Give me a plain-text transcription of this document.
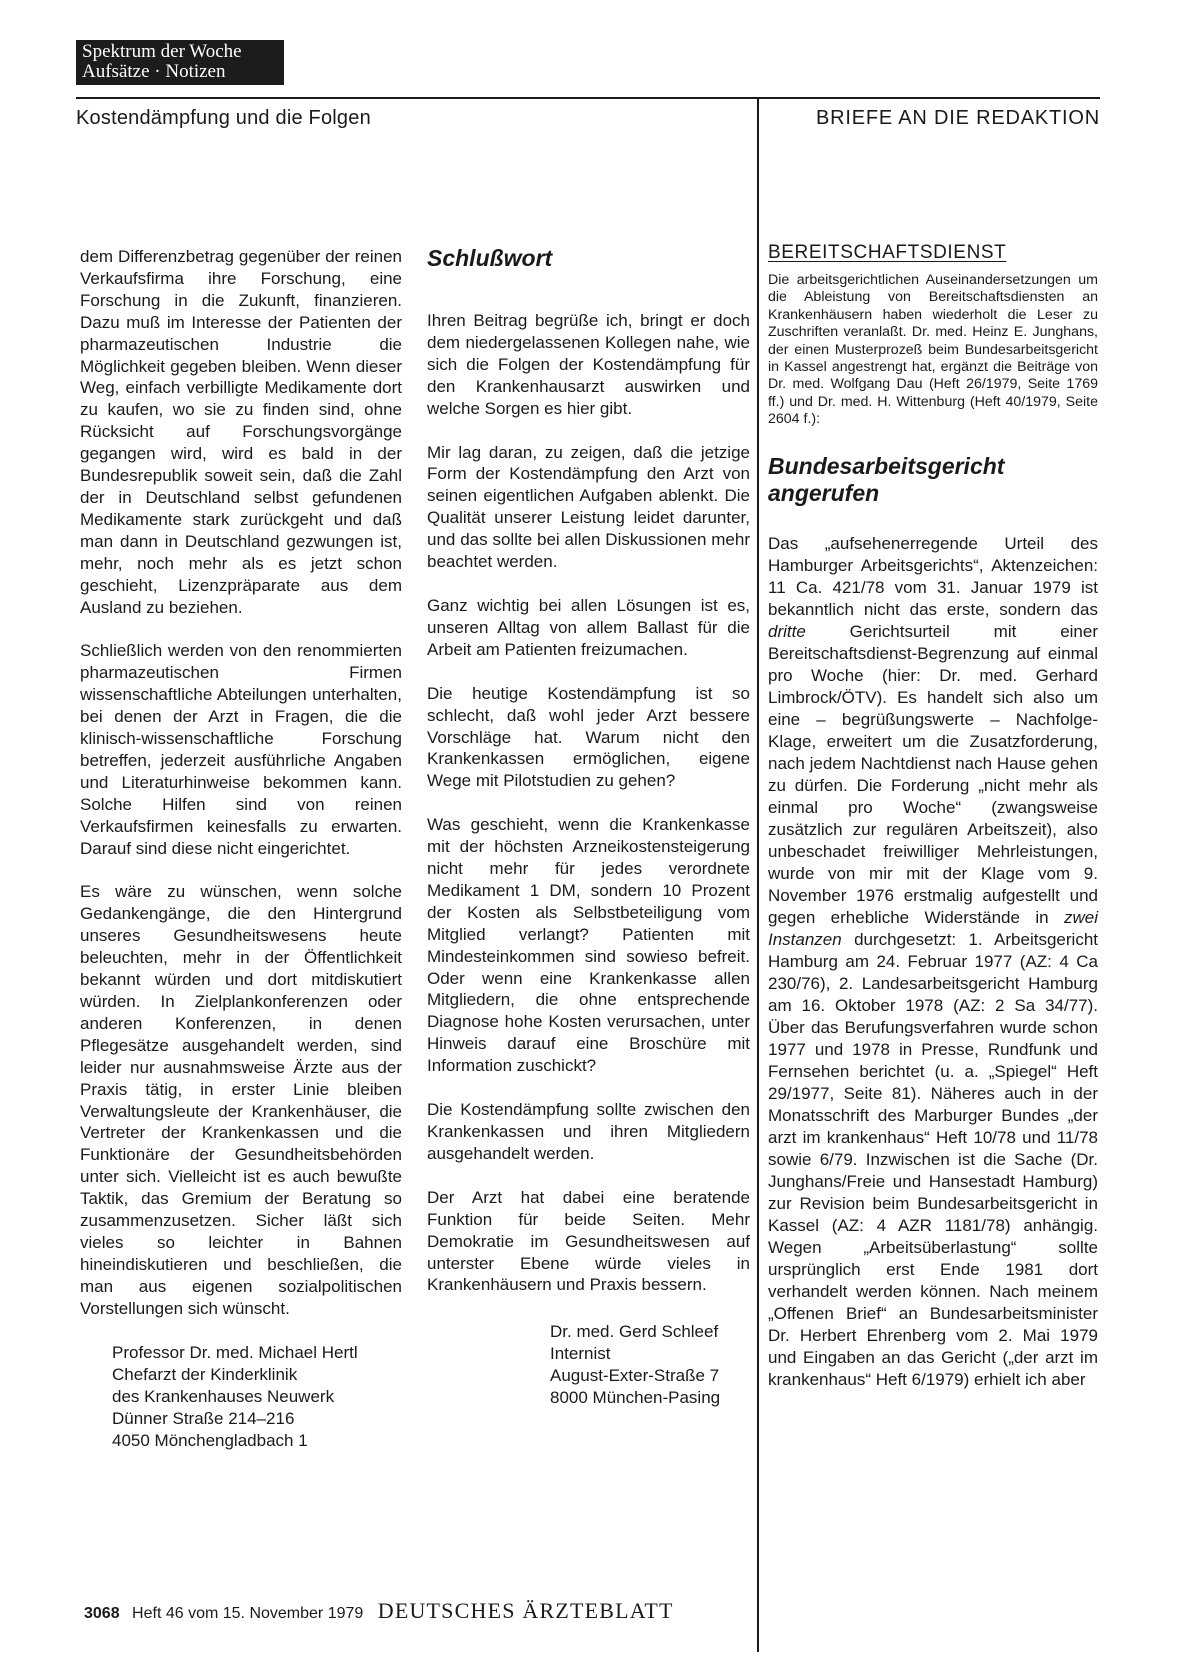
Spektrum der Woche
Aufsätze · Notizen
Kostendämpfung und die Folgen	BRIEFE AN DIE REDAKTION

dem Differenzbetrag gegenüber der reinen Verkaufsfirma ihre Forschung, eine Forschung in die Zukunft, finanzieren. Dazu muß im Interesse der Patienten der pharmazeutischen Industrie die Möglichkeit gegeben bleiben. Wenn dieser Weg, einfach verbilligte Medikamente dort zu kaufen, wo sie zu finden sind, ohne Rücksicht auf Forschungsvorgänge gegangen wird, wird es bald in der Bundesrepublik soweit sein, daß die Zahl der in Deutschland selbst gefundenen Medikamente stark zurückgeht und daß man dann in Deutschland gezwungen ist, mehr, noch mehr als es jetzt schon geschieht, Lizenzpräparate aus dem Ausland zu beziehen.

Schließlich werden von den renommierten pharmazeutischen Firmen wissenschaftliche Abteilungen unterhalten, bei denen der Arzt in Fragen, die die klinisch-wissenschaftliche Forschung betreffen, jederzeit ausführliche Angaben und Literaturhinweise bekommen kann. Solche Hilfen sind von reinen Verkaufsfirmen keinesfalls zu erwarten. Darauf sind diese nicht eingerichtet.

Es wäre zu wünschen, wenn solche Gedankengänge, die den Hintergrund unseres Gesundheitswesens heute beleuchten, mehr in der Öffentlichkeit bekannt würden und dort mitdiskutiert würden. In Zielplankonferenzen oder anderen Konferenzen, in denen Pflegesätze ausgehandelt werden, sind leider nur ausnahmsweise Ärzte aus der Praxis tätig, in erster Linie bleiben Verwaltungsleute der Krankenhäuser, die Vertreter der Krankenkassen und die Funktionäre der Gesundheitsbehörden unter sich. Vielleicht ist es auch bewußte Taktik, das Gremium der Beratung so zusammenzusetzen. Sicher läßt sich vieles so leichter in Bahnen hineindiskutieren und beschließen, die man aus eigenen sozialpolitischen Vorstellungen sich wünscht.

Professor Dr. med. Michael Hertl
Chefarzt der Kinderklinik
des Krankenhauses Neuwerk
Dünner Straße 214–216
4050 Mönchengladbach 1
Schlußwort

Ihren Beitrag begrüße ich, bringt er doch dem niedergelassenen Kollegen nahe, wie sich die Folgen der Kostendämpfung für den Krankenhausarzt auswirken und welche Sorgen es hier gibt.

Mir lag daran, zu zeigen, daß die jetzige Form der Kostendämpfung den Arzt von seinen eigentlichen Aufgaben ablenkt. Die Qualität unserer Leistung leidet darunter, und das sollte bei allen Diskussionen mehr beachtet werden.

Ganz wichtig bei allen Lösungen ist es, unseren Alltag von allem Ballast für die Arbeit am Patienten freizumachen.

Die heutige Kostendämpfung ist so schlecht, daß wohl jeder Arzt bessere Vorschläge hat. Warum nicht den Krankenkassen ermöglichen, eigene Wege mit Pilotstudien zu gehen?

Was geschieht, wenn die Krankenkasse mit der höchsten Arzneikostensteigerung nicht mehr für jedes verordnete Medikament 1 DM, sondern 10 Prozent der Kosten als Selbstbeteiligung vom Mitglied verlangt? Patienten mit Mindesteinkommen sind sowieso befreit. Oder wenn eine Krankenkasse allen Mitgliedern, die ohne entsprechende Diagnose hohe Kosten verursachen, unter Hinweis darauf eine Broschüre mit Information zuschickt?

Die Kostendämpfung sollte zwischen den Krankenkassen und ihren Mitgliedern ausgehandelt werden.

Der Arzt hat dabei eine beratende Funktion für beide Seiten. Mehr Demokratie im Gesundheitswesen auf unterster Ebene würde vieles in Krankenhäusern und Praxis bessern.

Dr. med. Gerd Schleef
Internist
August-Exter-Straße 7
8000 München-Pasing
BEREITSCHAFTSDIENST

Die arbeitsgerichtlichen Auseinandersetzungen um die Ableistung von Bereitschaftsdiensten an Krankenhäusern haben wiederholt die Leser zu Zuschriften veranlaßt. Dr. med. Heinz E. Junghans, der einen Musterprozeß beim Bundesarbeitsgericht in Kassel angestrengt hat, ergänzt die Beiträge von Dr. med. Wolfgang Dau (Heft 26/1979, Seite 1769 ff.) und Dr. med. H. Wittenburg (Heft 40/1979, Seite 2604 f.):

Bundesarbeitsgericht
angerufen

Das „aufsehenerregende Urteil des Hamburger Arbeitsgerichts“, Aktenzeichen: 11 Ca. 421/78 vom 31. Januar 1979 ist bekanntlich nicht das erste, sondern das dritte Gerichtsurteil mit einer Bereitschaftsdienst-Begrenzung auf einmal pro Woche (hier: Dr. med. Gerhard Limbrock/ÖTV). Es handelt sich also um eine – begrüßungswerte – Nachfolge-Klage, erweitert um die Zusatzforderung, nach jedem Nachtdienst nach Hause gehen zu dürfen. Die Forderung „nicht mehr als einmal pro Woche“ (zwangsweise zusätzlich zur regulären Arbeitszeit), also unbeschadet freiwilliger Mehrleistungen, wurde von mir mit der Klage vom 9. November 1976 erstmalig aufgestellt und gegen erhebliche Widerstände in zwei Instanzen durchgesetzt: 1. Arbeitsgericht Hamburg am 24. Februar 1977 (AZ: 4 Ca 230/76), 2. Landesarbeitsgericht Hamburg am 16. Oktober 1978 (AZ: 2 Sa 34/77). Über das Berufungsverfahren wurde schon 1977 und 1978 in Presse, Rundfunk und Fernsehen berichtet (u. a. „Spiegel“ Heft 29/1977, Seite 81). Näheres auch in der Monatsschrift des Marburger Bundes „der arzt im krankenhaus“ Heft 10/78 und 11/78 sowie 6/79. Inzwischen ist die Sache (Dr. Junghans/Freie und Hansestadt Hamburg) zur Revision beim Bundesarbeitsgericht in Kassel (AZ: 4 AZR 1181/78) anhängig. Wegen „Arbeitsüberlastung“ sollte ursprünglich erst Ende 1981 dort verhandelt werden können. Nach meinem „Offenen Brief“ an Bundesarbeitsminister Dr. Herbert Ehrenberg vom 2. Mai 1979 und Eingaben an das Gericht („der arzt im krankenhaus“ Heft 6/1979) erhielt ich aber

3068 Heft 46 vom 15. November 1979 DEUTSCHES ÄRZTEBLATT
